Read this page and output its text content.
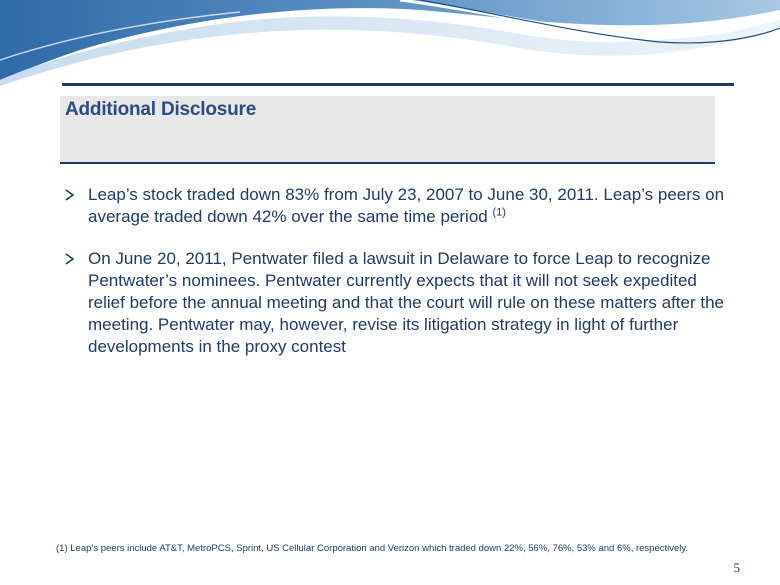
Additional Disclosure
Leap’s stock traded down 83% from July 23, 2007 to June 30, 2011. Leap’s peers on average traded down 42% over the same time period $^{(1)}$
On June 20, 2011, Pentwater filed a lawsuit in Delaware to force Leap to recognize Pentwater’s nominees. Pentwater currently expects that it will not seek expedited relief before the annual meeting and that the court will rule on these matters after the meeting. Pentwater may, however, revise its litigation strategy in light of further developments in the proxy contest
(1) Leap’s peers include AT&T, MetroPCS, Sprint, US Cellular Corporation and Verizon which traded down 22%, 56%, 76%, 53% and 6%, respectively.
5
